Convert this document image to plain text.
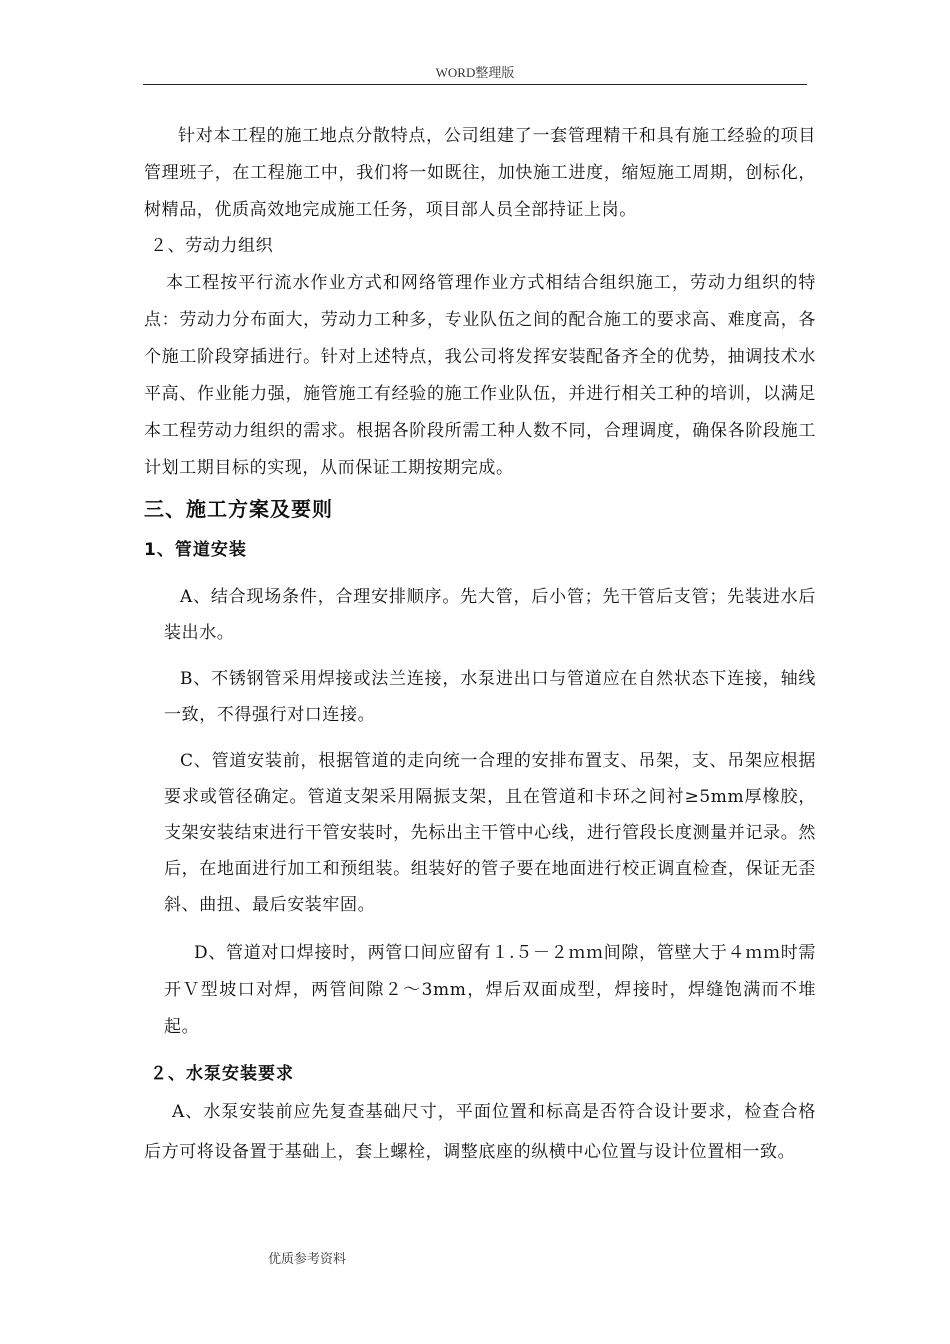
WORD整理版

针对本工程的施工地点分散特点，公司组建了一套管理精干和具有施工经验的项目管理班子，在工程施工中，我们将一如既往，加快施工进度，缩短施工周期，创标化，树精品，优质高效地完成施工任务，项目部人员全部持证上岗。

２、劳动力组织

本工程按平行流水作业方式和网络管理作业方式相结合组织施工，劳动力组织的特点：劳动力分布面大，劳动力工种多，专业队伍之间的配合施工的要求高、难度高，各个施工阶段穿插进行。针对上述特点，我公司将发挥安装配备齐全的优势，抽调技术水平高、作业能力强，施管施工有经验的施工作业队伍，并进行相关工种的培训，以满足本工程劳动力组织的需求。根据各阶段所需工种人数不同，合理调度，确保各阶段施工计划工期目标的实现，从而保证工期按期完成。

三、施工方案及要则
1、管道安装

A、结合现场条件，合理安排顺序。先大管，后小管；先干管后支管；先装进水后装出水。

B、不锈钢管采用焊接或法兰连接，水泵进出口与管道应在自然状态下连接，轴线一致，不得强行对口连接。

C、管道安装前，根据管道的走向统一合理的安排布置支、吊架，支、吊架应根据要求或管径确定。管道支架采用隔振支架，且在管道和卡环之间衬≥5mm厚橡胶，支架安装结束进行干管安装时，先标出主干管中心线，进行管段长度测量并记录。然后，在地面进行加工和预组装。组装好的管子要在地面进行校正调直检查，保证无歪斜、曲扭、最后安装牢固。

D、管道对口焊接时，两管口间应留有１.５－２ｍｍ间隙，管壁大于４ｍｍ时需开Ｖ型坡口对焊，两管间隙２～3mm，焊后双面成型，焊接时，焊缝饱满而不堆起。

２、水泵安装要求

A、水泵安装前应先复查基础尺寸，平面位置和标高是否符合设计要求，检查合格后方可将设备置于基础上，套上螺栓，调整底座的纵横中心位置与设计位置相一致。

优质参考资料
